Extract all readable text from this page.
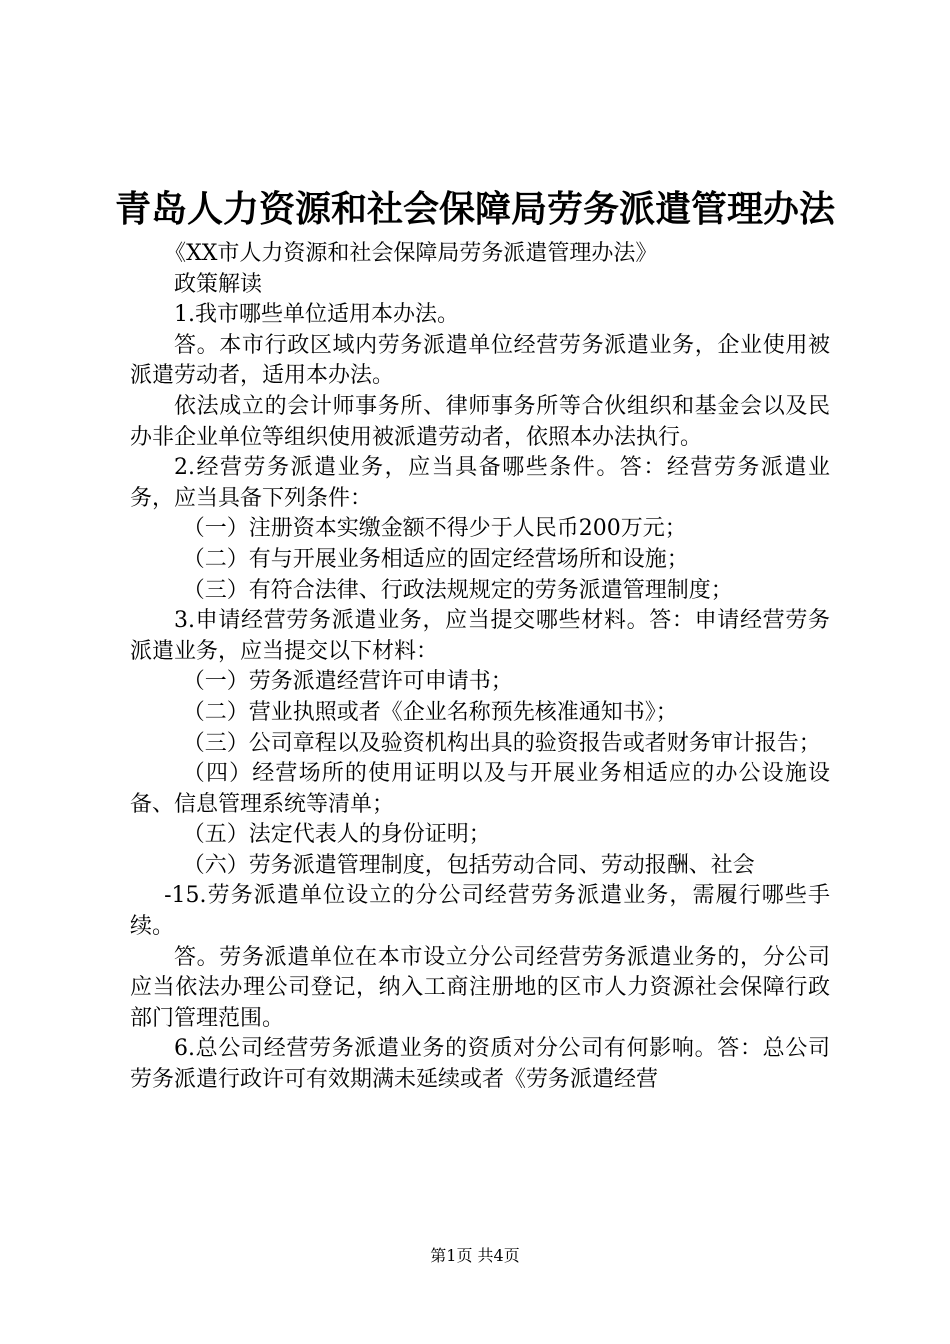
青岛人力资源和社会保障局劳务派遣管理办法

《XX市人力资源和社会保障局劳务派遣管理办法》

政策解读

1.我市哪些单位适用本办法。

答。本市行政区域内劳务派遣单位经营劳务派遣业务，企业使用被派遣劳动者，适用本办法。

依法成立的会计师事务所、律师事务所等合伙组织和基金会以及民办非企业单位等组织使用被派遣劳动者，依照本办法执行。

2.经营劳务派遣业务，应当具备哪些条件。答：经营劳务派遣业务，应当具备下列条件：

（一）注册资本实缴金额不得少于人民币200万元；

（二）有与开展业务相适应的固定经营场所和设施；

（三）有符合法律、行政法规规定的劳务派遣管理制度；

3.申请经营劳务派遣业务，应当提交哪些材料。答：申请经营劳务派遣业务，应当提交以下材料：

（一）劳务派遣经营许可申请书；

（二）营业执照或者《企业名称预先核准通知书》；

（三）公司章程以及验资机构出具的验资报告或者财务审计报告；

（四）经营场所的使用证明以及与开展业务相适应的办公设施设备、信息管理系统等清单；

（五）法定代表人的身份证明；

（六）劳务派遣管理制度，包括劳动合同、劳动报酬、社会

-15.劳务派遣单位设立的分公司经营劳务派遣业务，需履行哪些手续。

答。劳务派遣单位在本市设立分公司经营劳务派遣业务的，分公司应当依法办理公司登记，纳入工商注册地的区市人力资源社会保障行政部门管理范围。

6.总公司经营劳务派遣业务的资质对分公司有何影响。答：总公司劳务派遣行政许可有效期满未延续或者《劳务派遣经营

第1页 共4页
